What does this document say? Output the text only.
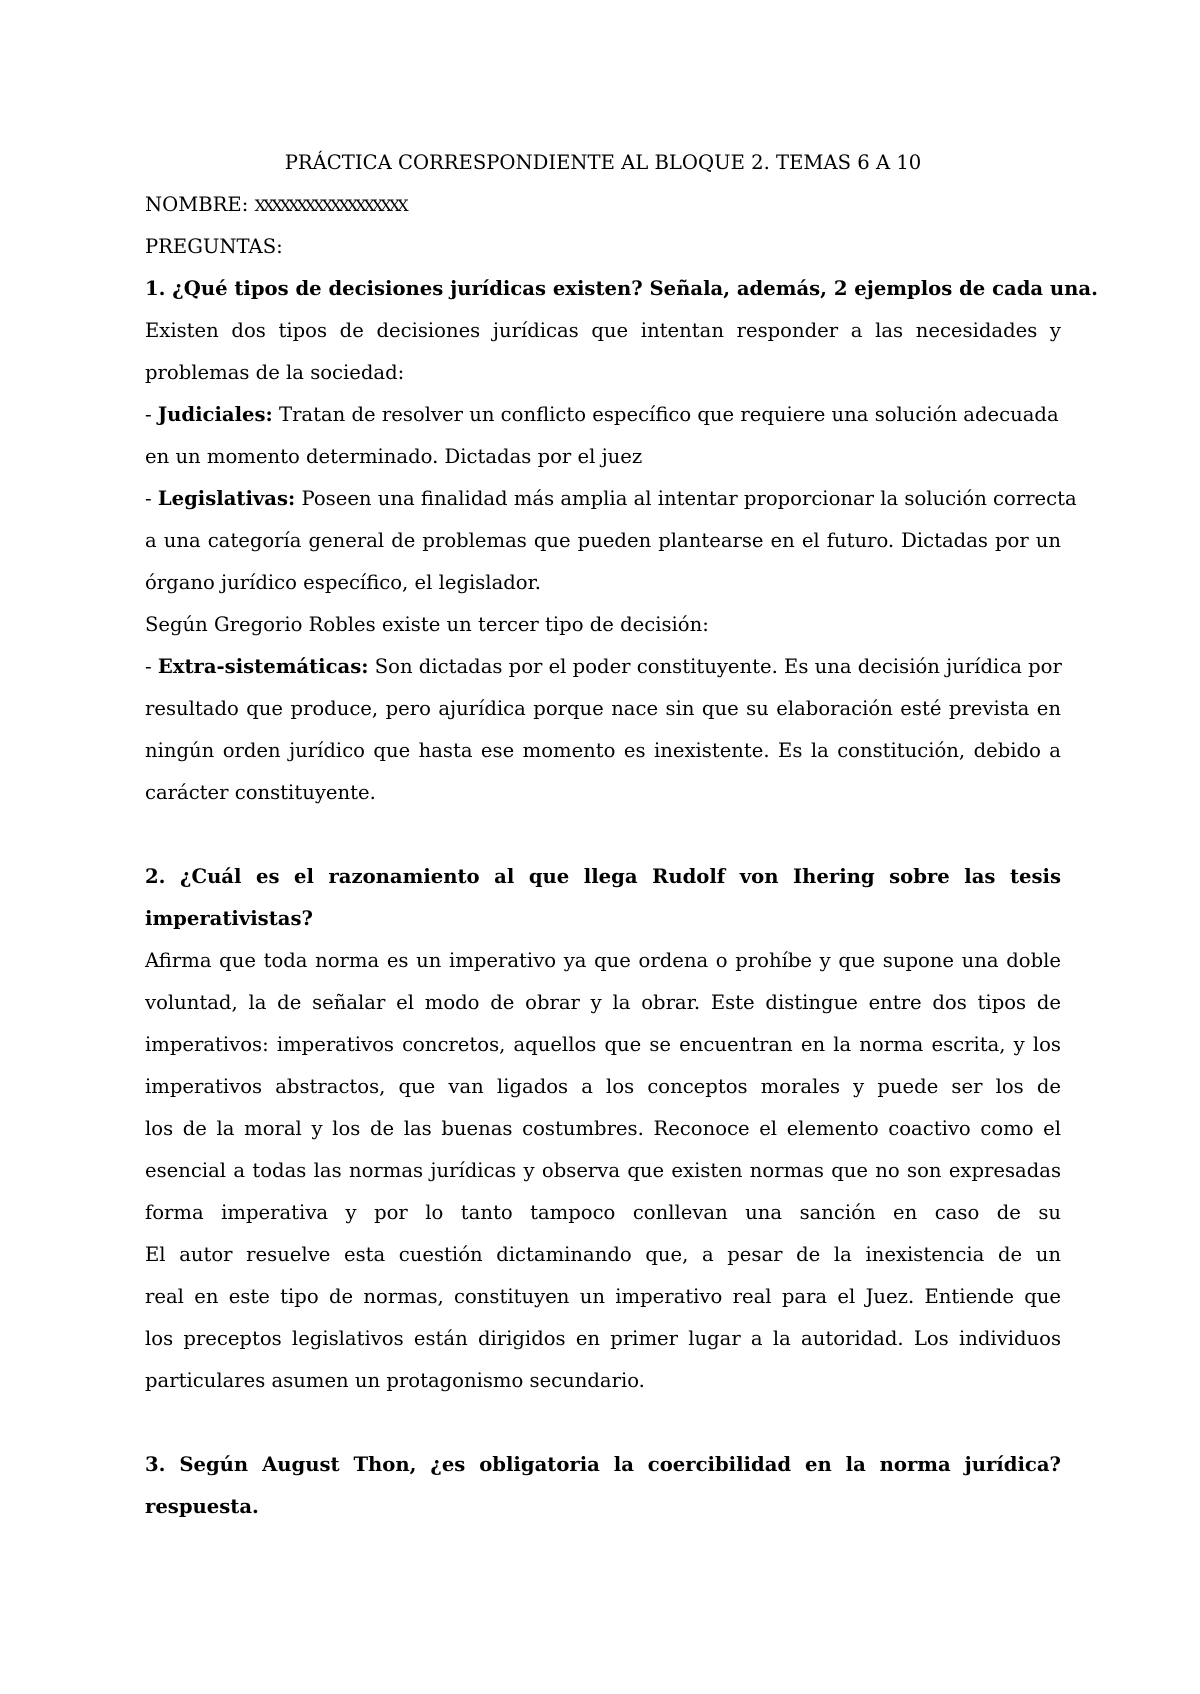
PRÁCTICA CORRESPONDIENTE AL BLOQUE 2. TEMAS 6 A 10
NOMBRE: XXXXXXXXXXXXXXXXXX
PREGUNTAS:
1. ¿Qué tipos de decisiones jurídicas existen? Señala, además, 2 ejemplos de cada una.
Existen dos tipos de decisiones jurídicas que intentan responder a las necesidades y
problemas de la sociedad:
- Judiciales: Tratan de resolver un conflicto específico que requiere una solución adecuada
en un momento determinado. Dictadas por el juez
- Legislativas: Poseen una finalidad más amplia al intentar proporcionar la solución correcta
a una categoría general de problemas que pueden plantearse en el futuro. Dictadas por un
órgano jurídico específico, el legislador.
Según Gregorio Robles existe un tercer tipo de decisión:
- Extra-sistemáticas: Son dictadas por el poder constituyente. Es una decisión jurídica por
resultado que produce, pero ajurídica porque nace sin que su elaboración esté prevista en
ningún orden jurídico que hasta ese momento es inexistente. Es la constitución, debido a
carácter constituyente.
2. ¿Cuál es el razonamiento al que llega Rudolf von Ihering sobre las tesis
imperativistas?
Afirma que toda norma es un imperativo ya que ordena o prohíbe y que supone una doble
voluntad, la de señalar el modo de obrar y la obrar. Este distingue entre dos tipos de
imperativos: imperativos concretos, aquellos que se encuentran en la norma escrita, y los
imperativos abstractos, que van ligados a los conceptos morales y puede ser los de
los de la moral y los de las buenas costumbres. Reconoce el elemento coactivo como el
esencial a todas las normas jurídicas y observa que existen normas que no son expresadas
forma imperativa y por lo tanto tampoco conllevan una sanción en caso de su
El autor resuelve esta cuestión dictaminando que, a pesar de la inexistencia de un
real en este tipo de normas, constituyen un imperativo real para el Juez. Entiende que
los preceptos legislativos están dirigidos en primer lugar a la autoridad. Los individuos
particulares asumen un protagonismo secundario.
3. Según August Thon, ¿es obligatoria la coercibilidad en la norma jurídica?
respuesta.
